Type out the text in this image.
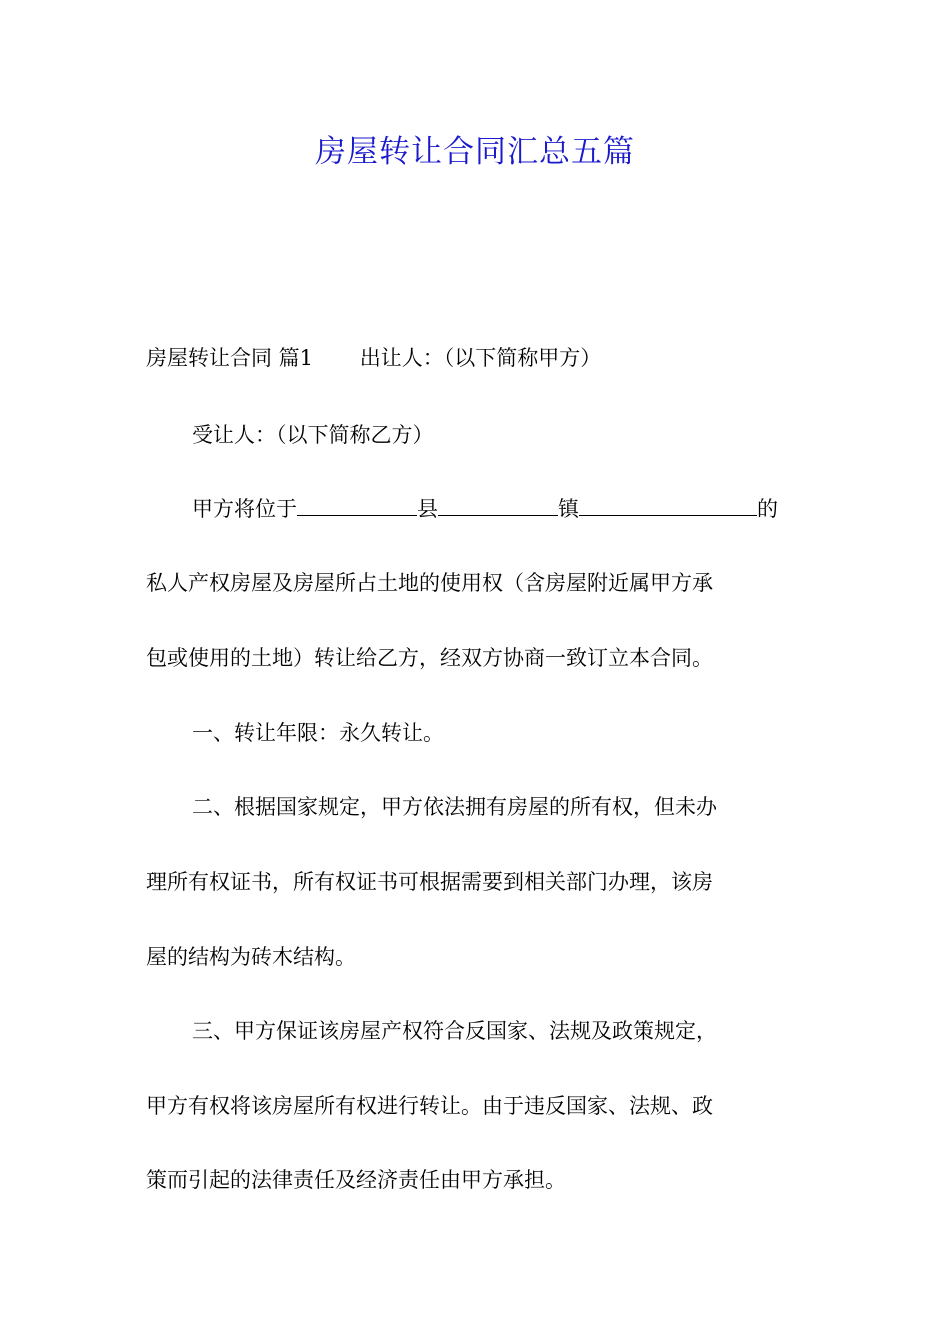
房屋转让合同汇总五篇
房屋转让合同 篇1 出让人：（以下简称甲方）
受让人：（以下简称乙方）
甲方将位于	县	镇	的
私人产权房屋及房屋所占土地的使用权（含房屋附近属甲方承
包或使用的土地）转让给乙方，经双方协商一致订立本合同。
一、转让年限：永久转让。
二、根据国家规定，甲方依法拥有房屋的所有权，但未办
理所有权证书，所有权证书可根据需要到相关部门办理，该房
屋的结构为砖木结构。
三、甲方保证该房屋产权符合反国家、法规及政策规定，
甲方有权将该房屋所有权进行转让。由于违反国家、法规、政
策而引起的法律责任及经济责任由甲方承担。
